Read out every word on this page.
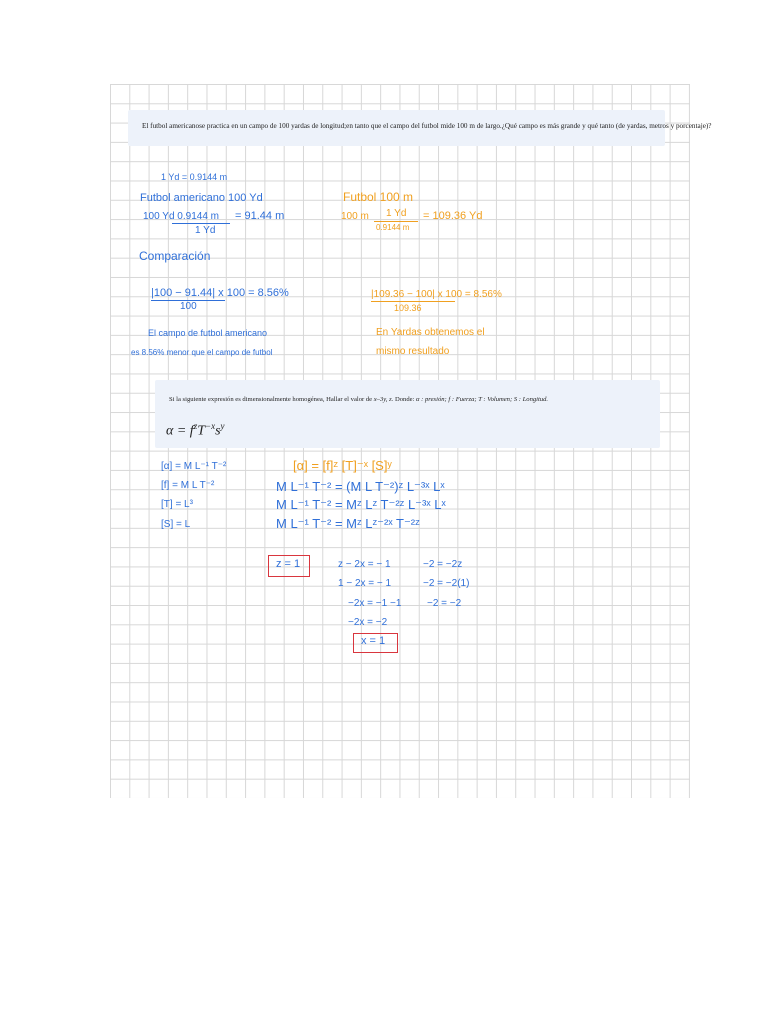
El futbol americanose practica en un campo de 100 yardas de longitud;en tanto que el campo del futbol mide 100 m de largo.¿Qué campo es más grande y qué tanto (de yardas, metros y porcentaje)?
1 Yd = 0.9144 m
Futbol americano 100 Yd
100 Yd 0.9144 m = 91.44 m
1 Yd
Futbol 100 m
100 m 1 Yd
0.9144 m
= 109.36 Yd
Comparación
|100 − 91.44| x 100 = 8.56%
100
|109.36 − 100| x 100 = 8.56%
109.36
El campo de futbol americano
es 8.56% menor que el campo de futbol
En Yardas obtenemos el
mismo resultado
Si la siguiente expresión es dimensionalmente homogénea, Hallar el valor de x–3y, z. Donde: α : presión; f : Fuerza; T : Volumen; S : Longitud.
$\alpha = f^zT^{-x}s^y$
[α] = M L⁻¹ T⁻²
[f] = M L T⁻²
[T] = L³
[S] = L
[α] = [f]ᶻ [T]⁻ˣ [S]ʸ
M L⁻¹ T⁻² = (M L T⁻²)ᶻ L⁻³ˣ Lˣ
M L⁻¹ T⁻² = Mᶻ Lᶻ T⁻²ᶻ L⁻³ˣ Lˣ
M L⁻¹ T⁻² = Mᶻ Lᶻ⁻²ˣ T⁻²ᶻ
z = 1	z − 2x = − 1
1 − 2x = − 1
−2x = −1 −1
−2x = −2
x = 1
−2 = −2z
−2 = −2(1)
−2 = −2
